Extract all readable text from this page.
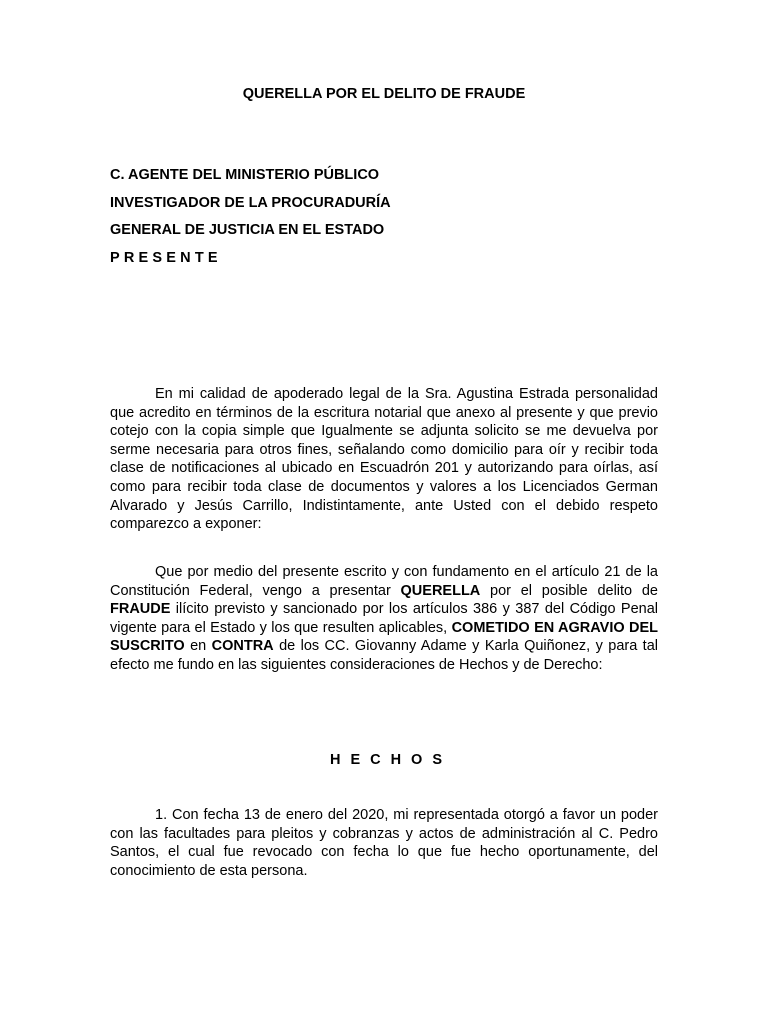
QUERELLA POR EL DELITO DE FRAUDE
C. AGENTE DEL MINISTERIO PÚBLICO
INVESTIGADOR DE LA PROCURADURÍA
GENERAL DE JUSTICIA EN EL ESTADO
PRESENTE

En mi calidad de apoderado legal de la Sra. Agustina Estrada personalidad que acredito en términos de la escritura notarial que anexo al presente y que previo cotejo con la copia simple que Igualmente se adjunta solicito se me devuelva por serme necesaria para otros fines, señalando como domicilio para oír y recibir toda clase de notificaciones al ubicado en Escuadrón 201 y autorizando para oírlas, así como para recibir toda clase de documentos y valores a los Licenciados German Alvarado y Jesús Carrillo, Indistintamente, ante Usted con el debido respeto comparezco a exponer:

Que por medio del presente escrito y con fundamento en el artículo 21 de la Constitución Federal, vengo a presentar QUERELLA por el posible delito de FRAUDE ilícito previsto y sancionado por los artículos 386 y 387 del Código Penal vigente para el Estado y los que resulten aplicables, COMETIDO EN AGRAVIO DEL SUSCRITO en CONTRA de los CC. Giovanny Adame y Karla Quiñonez, y para tal efecto me fundo en las siguientes consideraciones de Hechos y de Derecho:

HECHOS

1. Con fecha 13 de enero del 2020, mi representada otorgó a favor un poder con las facultades para pleitos y cobranzas y actos de administración al C. Pedro Santos, el cual fue revocado con fecha lo que fue hecho oportunamente, del conocimiento de esta persona.
